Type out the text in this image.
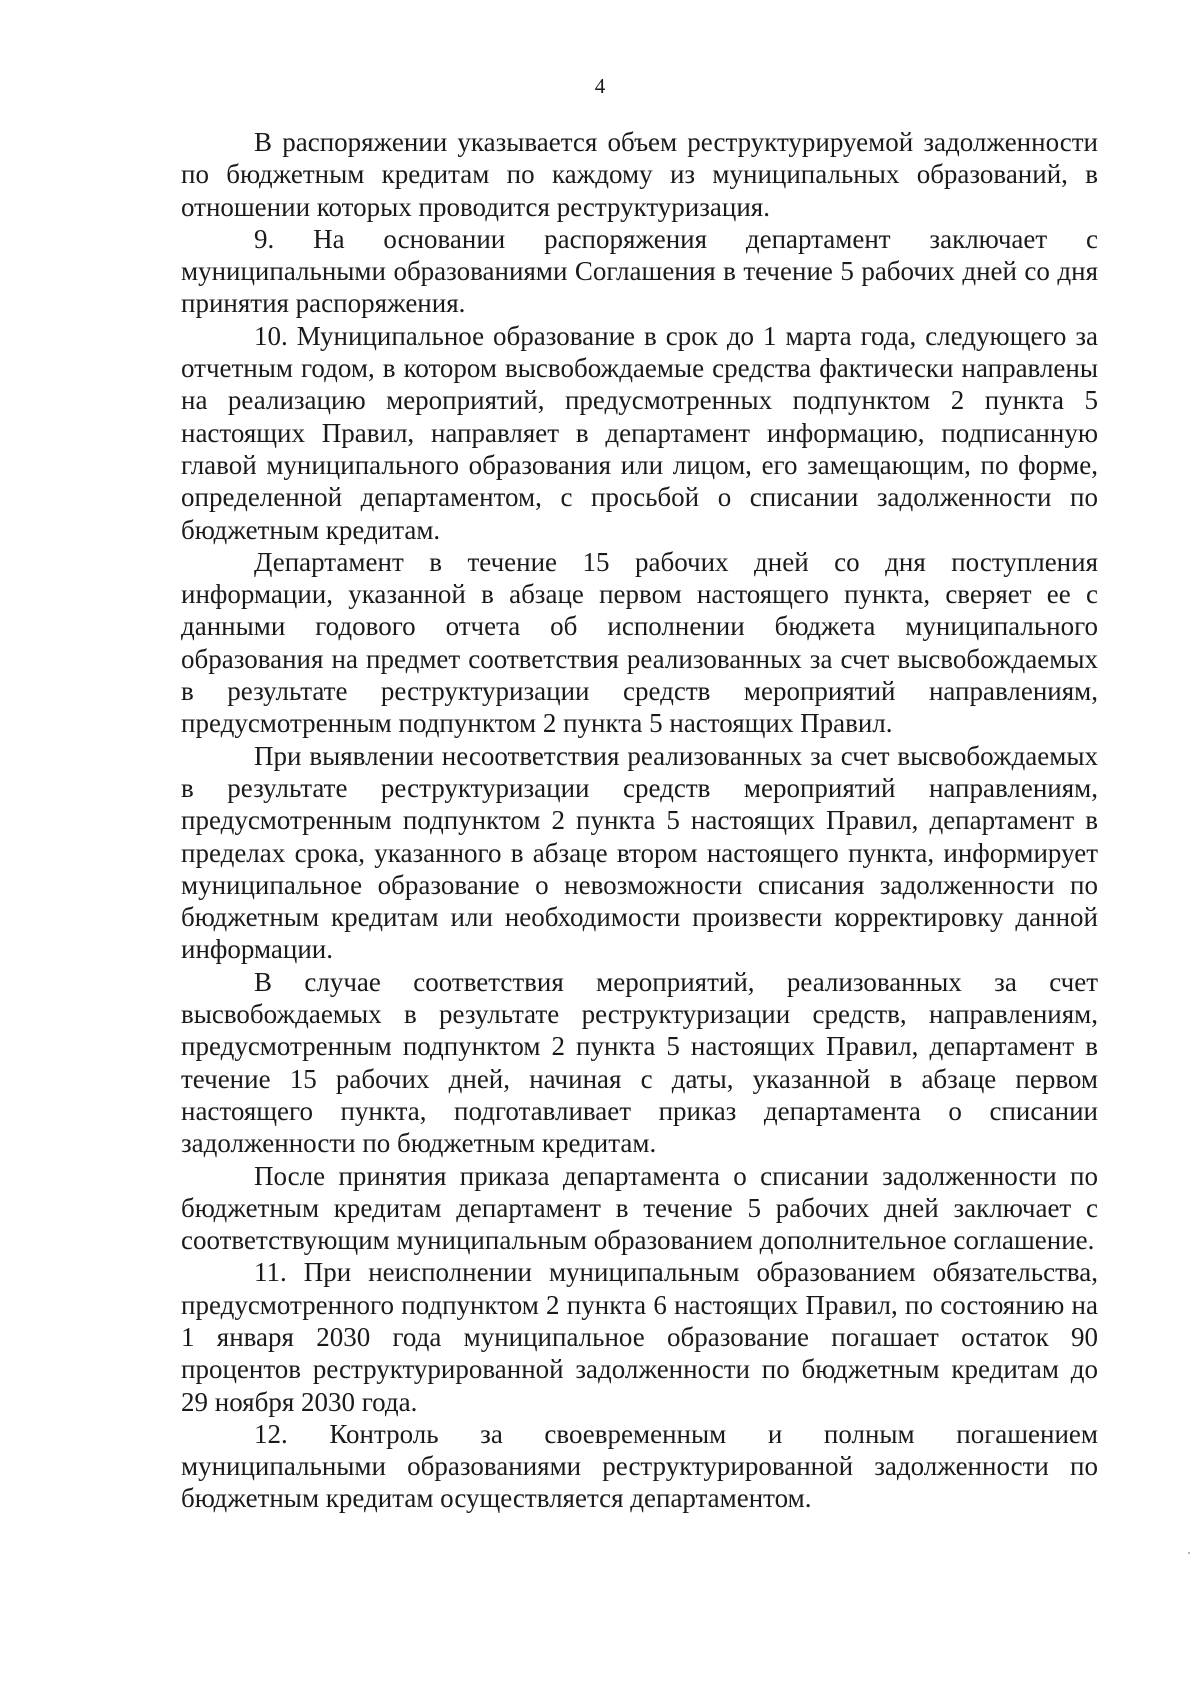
4

В распоряжении указывается объем реструктурируемой задолженности по бюджетным кредитам по каждому из муниципальных образований, в отношении которых проводится реструктуризация.

9. На основании распоряжения департамент заключает с муниципальными образованиями Соглашения в течение 5 рабочих дней со дня принятия распоряжения.

10. Муниципальное образование в срок до 1 марта года, следующего за отчетным годом, в котором высвобождаемые средства фактически направлены на реализацию мероприятий, предусмотренных подпунктом 2 пункта 5 настоящих Правил, направляет в департамент информацию, подписанную главой муниципального образования или лицом, его замещающим, по форме, определенной департаментом, с просьбой о списании задолженности по бюджетным кредитам.

Департамент в течение 15 рабочих дней со дня поступления информации, указанной в абзаце первом настоящего пункта, сверяет ее с данными годового отчета об исполнении бюджета муниципального образования на предмет соответствия реализованных за счет высвобождаемых в результате реструктуризации средств мероприятий направлениям, предусмотренным подпунктом 2 пункта 5 настоящих Правил.

При выявлении несоответствия реализованных за счет высвобождаемых в результате реструктуризации средств мероприятий направлениям, предусмотренным подпунктом 2 пункта 5 настоящих Правил, департамент в пределах срока, указанного в абзаце втором настоящего пункта, информирует муниципальное образование о невозможности списания задолженности по бюджетным кредитам или необходимости произвести корректировку данной информации.

В случае соответствия мероприятий, реализованных за счет высвобождаемых в результате реструктуризации средств, направлениям, предусмотренным подпунктом 2 пункта 5 настоящих Правил, департамент в течение 15 рабочих дней, начиная с даты, указанной в абзаце первом настоящего пункта, подготавливает приказ департамента о списании задолженности по бюджетным кредитам.

После принятия приказа департамента о списании задолженности по бюджетным кредитам департамент в течение 5 рабочих дней заключает с соответствующим муниципальным образованием дополнительное соглашение.

11. При неисполнении муниципальным образованием обязательства, предусмотренного подпунктом 2 пункта 6 настоящих Правил, по состоянию на 1 января 2030 года муниципальное образование погашает остаток 90 процентов реструктурированной задолженности по бюджетным кредитам до 29 ноября 2030 года.

12. Контроль за своевременным и полным погашением муниципальными образованиями реструктурированной задолженности по бюджетным кредитам осуществляется департаментом.
